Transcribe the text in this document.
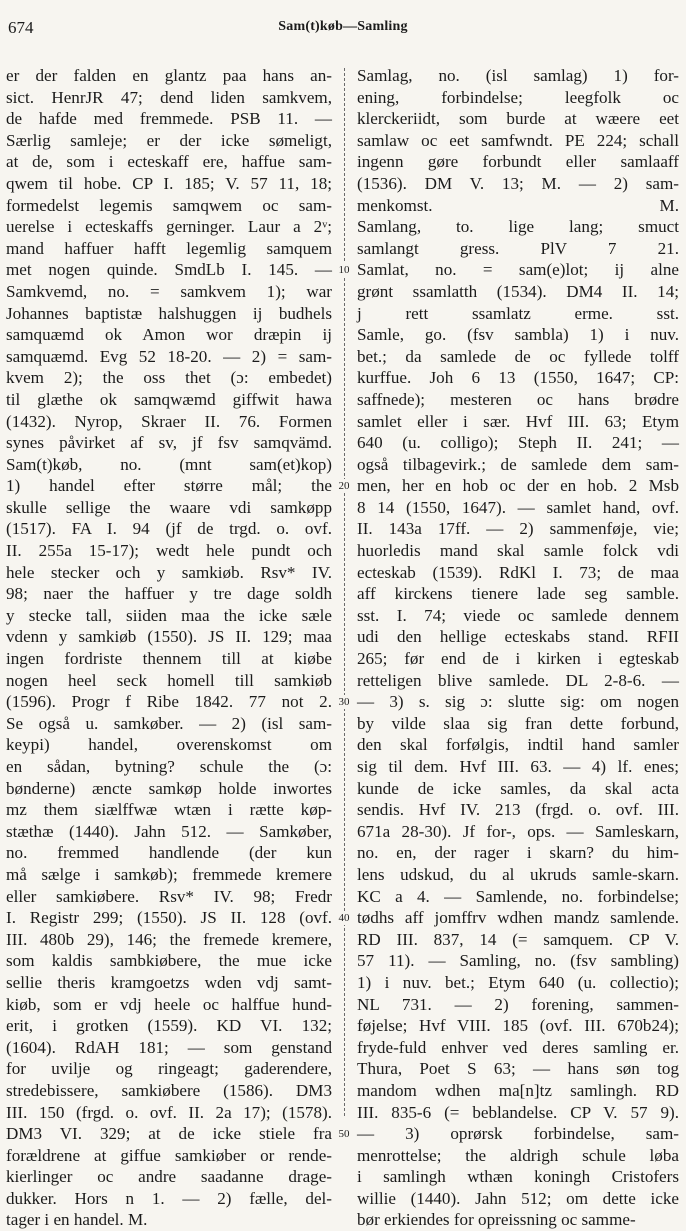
674	Sam(t)køb—Samling
10
20
30
40
50
er der falden en glantz paa hans an-
sict. HenrJR 47; dend liden samkvem,
de hafde med fremmede. PSB 11. —
Særlig samleje; er der icke sømeligt,
at de, som i ecteskaff ere, haffue sam-
qwem til hobe. CP I. 185; V. 57 11, 18;
formedelst legemis samqwem oc sam-
uerelse i ecteskaffs gerninger. Laur a 2ᵛ;
mand haffuer hafft legemlig samquem
met nogen quinde. SmdLb I. 145. —
Samkvemd, no. = samkvem 1); war
Johannes baptistæ halshuggen ij budhels
samquæmd ok Amon wor dræpin ij
samquæmd. Evg 52 18-20. — 2) = sam-
kvem 2); the oss thet (ɔ: embedet)
til glæthe ok samqwæmd giffwit hawa
(1432). Nyrop, Skraer II. 76. Formen
synes påvirket af sv, jf fsv samqvämd.
Sam(t)køb, no. (mnt sam(et)kop)
1) handel efter større mål; the
skulle sellige the waare vdi samkøpp
(1517). FA I. 94 (jf de trgd. o. ovf.
II. 255a 15-17); wedt hele pundt och
hele stecker och y samkiøb. Rsv* IV.
98; naer the haffuer y tre dage soldh
y stecke tall, siiden maa the icke sæle
vdenn y samkiøb (1550). JS II. 129; maa
ingen fordriste thennem till at kiøbe
nogen heel seck homell till samkiøb
(1596). Progr f Ribe 1842. 77 not 2.
Se også u. samkøber. — 2) (isl sam-
keypi) handel, overenskomst om
en sådan, bytning? schule the (ɔ:
bønderne) æncte samkøp holde inwortes
mz them siælffwæ wtæn i rætte køp-
stæthæ (1440). Jahn 512. — Samkøber,
no. fremmed handlende (der kun
må sælge i samkøb); fremmede kremere
eller samkiøbere. Rsv* IV. 98; Fredr
I. Registr 299; (1550). JS II. 128 (ovf.
III. 480b 29), 146; the fremede kremere,
som kaldis sambkiøbere, the mue icke
sellie theris kramgoetzs wden vdj samt-
kiøb, som er vdj heele oc halffue hund-
erit, i grotken (1559). KD VI. 132;
(1604). RdAH 181; — som genstand
for uvilje og ringeagt; gaderendere,
stredebissere, samkiøbere (1586). DM3
III. 150 (frgd. o. ovf. II. 2a 17); (1578).
DM3 VI. 329; at de icke stiele fra
forældrene at giffue samkiøber or rende-
kierlinger oc andre saadanne drage-
dukker. Hors n 1. — 2) fælle, del-
tager i en handel. M.
Samlag, no. (isl samlag) 1) for-
ening, forbindelse; leegfolk oc
klerckeriidt, som burde at wæere eet
samlaw oc eet samfwndt. PE 224; schall
ingenn gøre forbundt eller samlaaff
(1536). DM V. 13; M. — 2) sam-
menkomst. M.
Samlang, to. lige lang; smuct
samlangt gress. PlV 7 21.
Samlat, no. = sam(e)lot; ij alne
grønt ssamlatth (1534). DM4 II. 14;
j rett ssamlatz erme. sst.
Samle, go. (fsv sambla) 1) i nuv.
bet.; da samlede de oc fyllede tolff
kurffue. Joh 6 13 (1550, 1647; CP:
saffnede); mesteren oc hans brødre
samlet eller i sær. Hvf III. 63; Etym
640 (u. colligo); Steph II. 241; —
også tilbagevirk.; de samlede dem sam-
men, her en hob oc der en hob. 2 Msb
8 14 (1550, 1647). — samlet hand, ovf.
II. 143a 17ff. — 2) sammenføje, vie;
huorledis mand skal samle folck vdi
ecteskab (1539). RdKl I. 73; de maa
aff kirckens tienere lade seg samble.
sst. I. 74; viede oc samlede dennem
udi den hellige ecteskabs stand. RFII
265; før end de i kirken i egteskab
retteligen blive samlede. DL 2-8-6. —
— 3) s. sig ɔ: slutte sig: om nogen
by vilde slaa sig fran dette forbund,
den skal forfølgis, indtil hand samler
sig til dem. Hvf III. 63. — 4) lf. enes;
kunde de icke samles, da skal acta
sendis. Hvf IV. 213 (frgd. o. ovf. III.
671a 28-30). Jf for-, ops. — Samleskarn,
no. en, der rager i skarn? du him-
lens udskud, du al ukruds samle-skarn.
KC a 4. — Samlende, no. forbindelse;
tødhs aff jomffrv wdhen mandz samlende.
RD III. 837, 14 (= samquem. CP V.
57 11). — Samling, no. (fsv sambling)
1) i nuv. bet.; Etym 640 (u. collectio);
NL 731. — 2) forening, sammen-
føjelse; Hvf VIII. 185 (ovf. III. 670b24);
fryde-fuld enhver ved deres samling er.
Thura, Poet S 63; — hans søn tog
mandom wdhen ma[n]tz samlingh. RD
III. 835-6 (= beblandelse. CP V. 57 9).
— 3) oprørsk forbindelse, sam-
menrottelse; the aldrigh schule løba
i samlingh wthæn koningh Cristofers
willie (1440). Jahn 512; om dette icke
bør erkiendes for opreissning oc samme-
